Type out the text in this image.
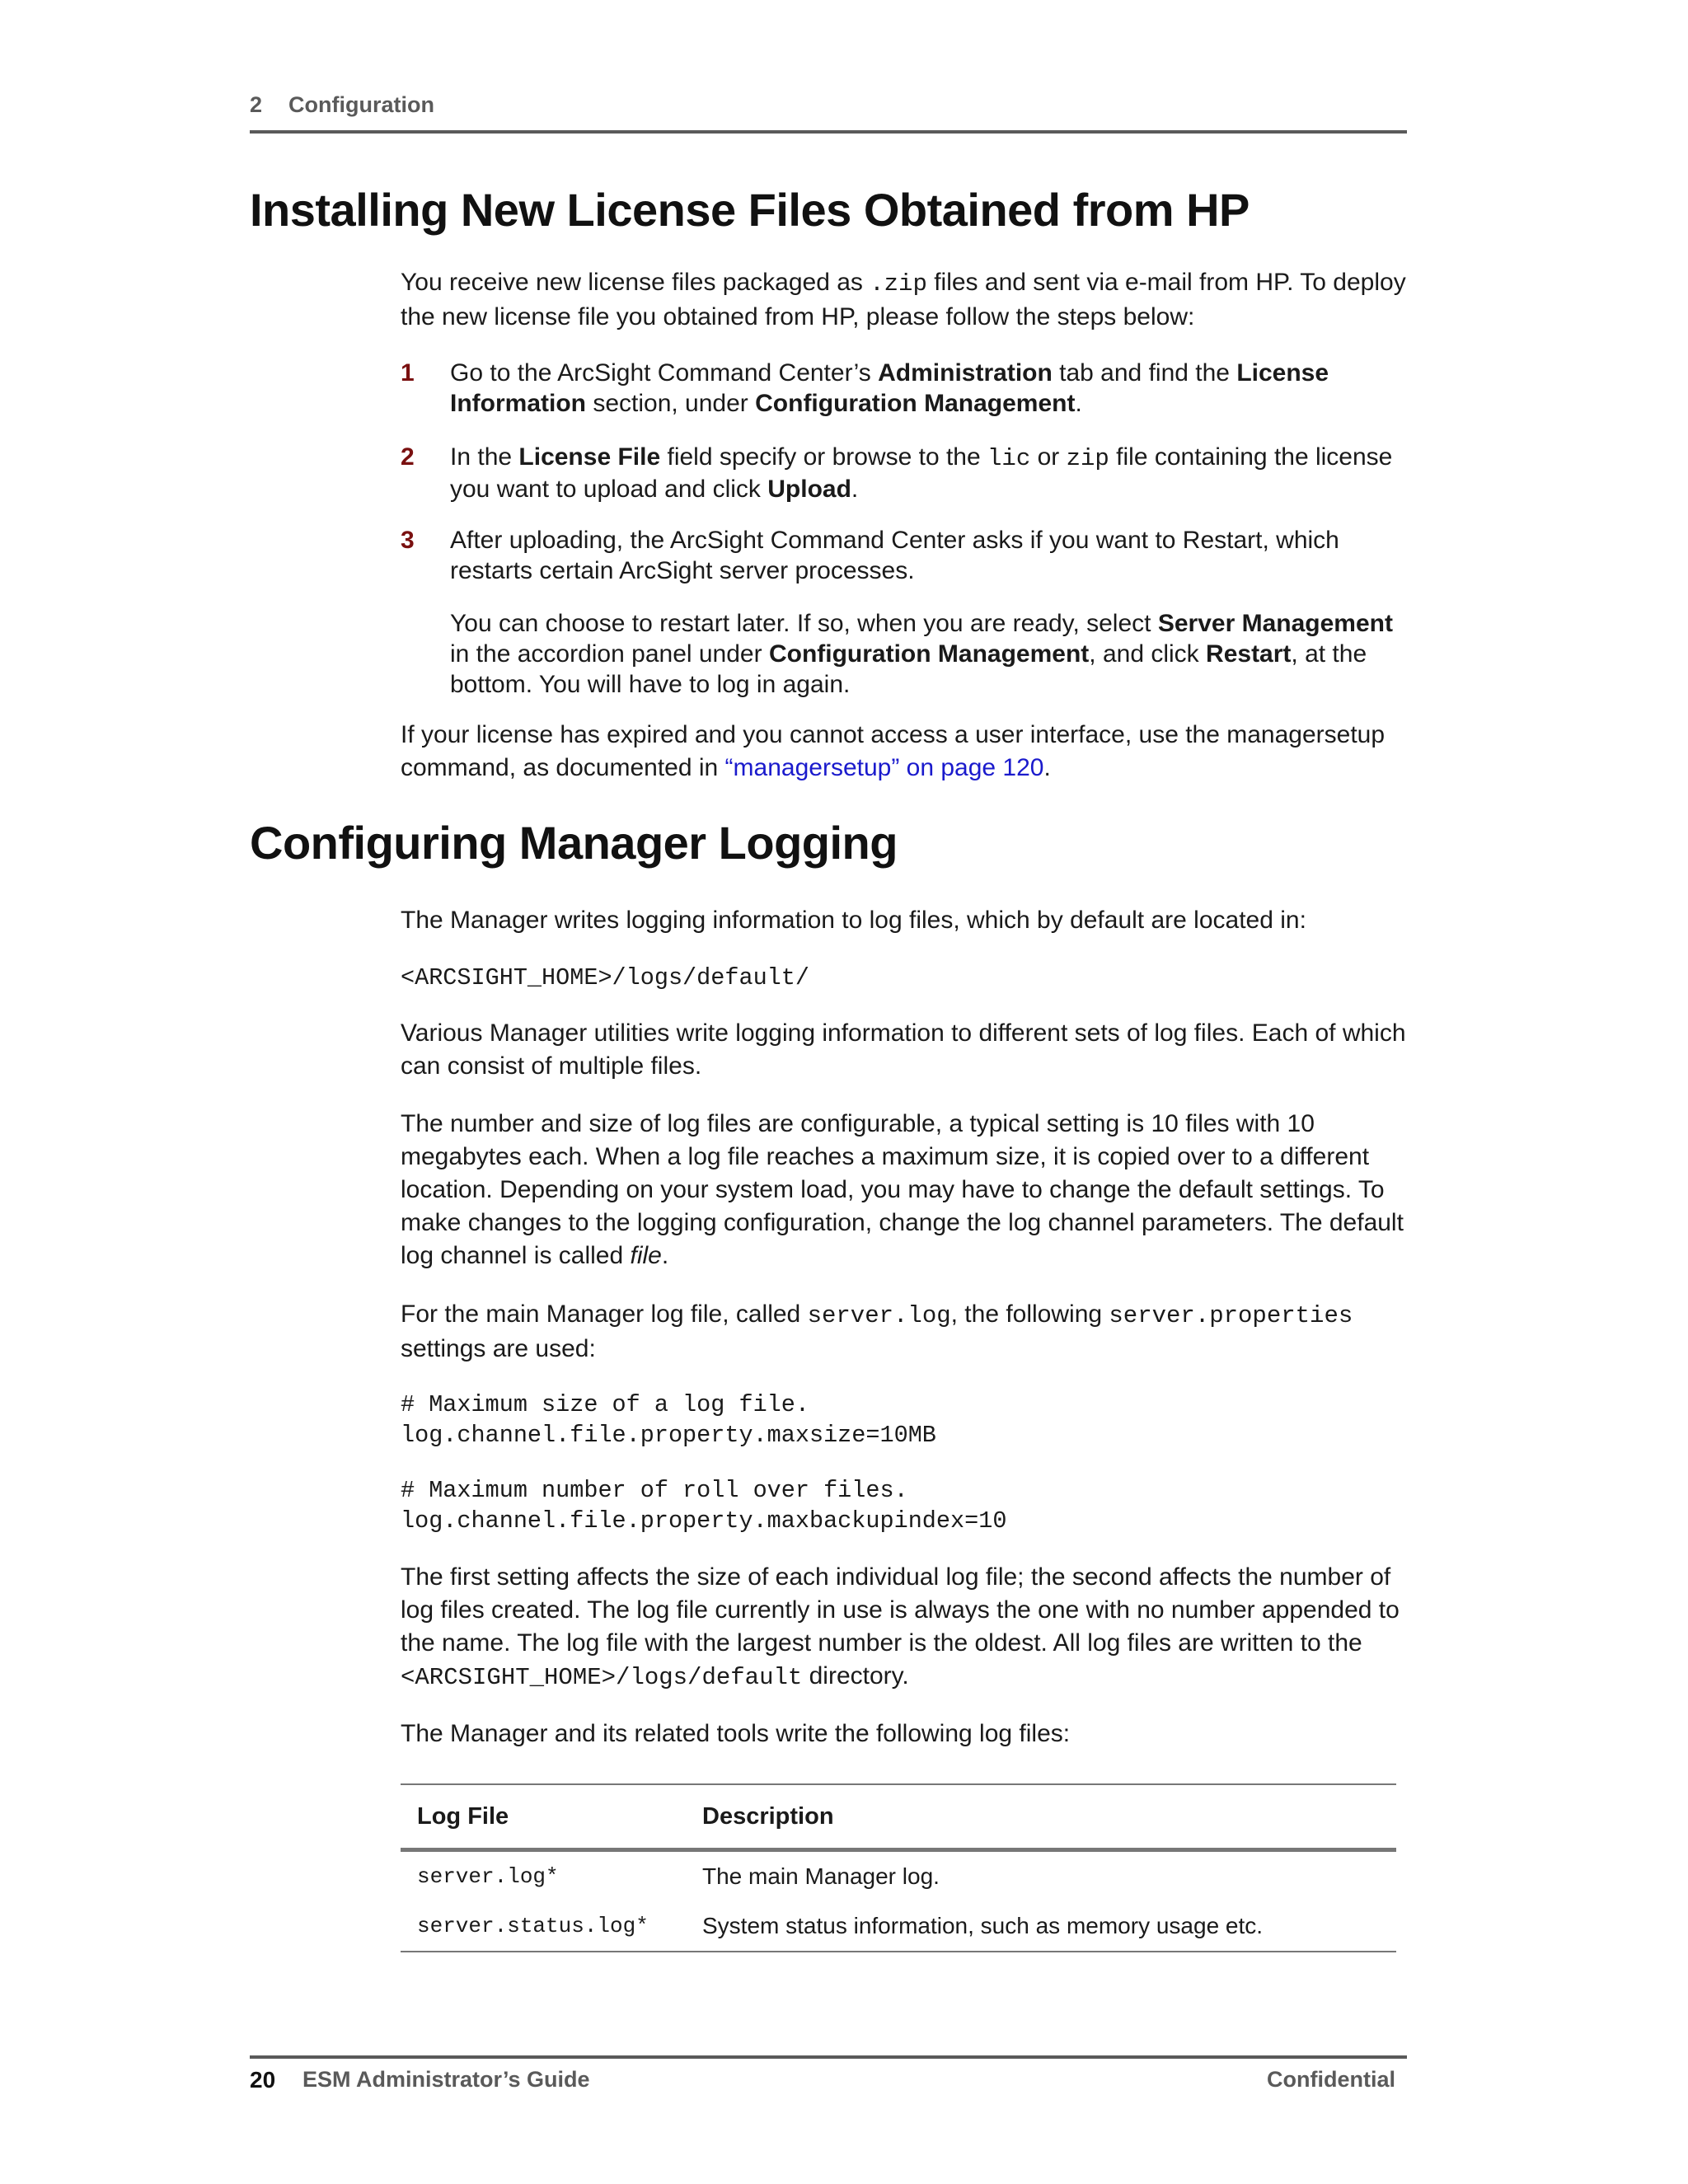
2 Configuration
Installing New License Files Obtained from HP

You receive new license files packaged as .zip files and sent via e-mail from HP. To deploy the new license file you obtained from HP, please follow the steps below:

1 Go to the ArcSight Command Center’s Administration tab and find the License Information section, under Configuration Management.

2 In the License File field specify or browse to the lic or zip file containing the license you want to upload and click Upload.

3 After uploading, the ArcSight Command Center asks if you want to Restart, which restarts certain ArcSight server processes.

You can choose to restart later. If so, when you are ready, select Server Management in the accordion panel under Configuration Management, and click Restart, at the bottom. You will have to log in again.

If your license has expired and you cannot access a user interface, use the managersetup command, as documented in “managersetup” on page 120.

Configuring Manager Logging

The Manager writes logging information to log files, which by default are located in:

<ARCSIGHT_HOME>/logs/default/

Various Manager utilities write logging information to different sets of log files. Each of which can consist of multiple files.

The number and size of log files are configurable, a typical setting is 10 files with 10 megabytes each. When a log file reaches a maximum size, it is copied over to a different location. Depending on your system load, you may have to change the default settings. To make changes to the logging configuration, change the log channel parameters. The default log channel is called file.

For the main Manager log file, called server.log, the following server.properties settings are used:

# Maximum size of a log file.
log.channel.file.property.maxsize=10MB

# Maximum number of roll over files.
log.channel.file.property.maxbackupindex=10

The first setting affects the size of each individual log file; the second affects the number of log files created. The log file currently in use is always the one with no number appended to the name. The log file with the largest number is the oldest. All log files are written to the <ARCSIGHT_HOME>/logs/default directory.

The Manager and its related tools write the following log files:

Log File	Description
server.log*	The main Manager log.
server.status.log*	System status information, such as memory usage etc.
20 ESM Administrator’s Guide	Confidential
